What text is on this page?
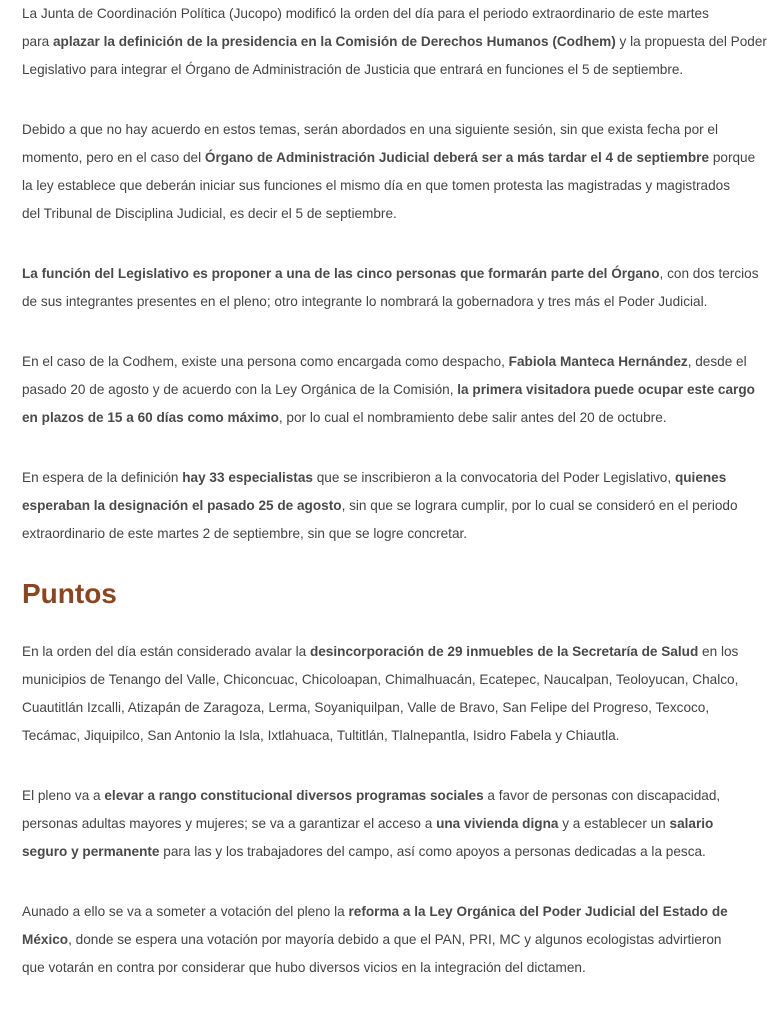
La Junta de Coordinación Política (Jucopo) modificó la orden del día para el periodo extraordinario de este martes
para aplazar la definición de la presidencia en la Comisión de Derechos Humanos (Codhem) y la propuesta del Poder
Legislativo para integrar el Órgano de Administración de Justicia que entrará en funciones el 5 de septiembre.

Debido a que no hay acuerdo en estos temas, serán abordados en una siguiente sesión, sin que exista fecha por el
momento, pero en el caso del Órgano de Administración Judicial deberá ser a más tardar el 4 de septiembre porque
la ley establece que deberán iniciar sus funciones el mismo día en que tomen protesta las magistradas y magistrados
del Tribunal de Disciplina Judicial, es decir el 5 de septiembre.

La función del Legislativo es proponer a una de las cinco personas que formarán parte del Órgano, con dos tercios
de sus integrantes presentes en el pleno; otro integrante lo nombrará la gobernadora y tres más el Poder Judicial.

En el caso de la Codhem, existe una persona como encargada como despacho, Fabiola Manteca Hernández, desde el
pasado 20 de agosto y de acuerdo con la Ley Orgánica de la Comisión, la primera visitadora puede ocupar este cargo
en plazos de 15 a 60 días como máximo, por lo cual el nombramiento debe salir antes del 20 de octubre.

En espera de la definición hay 33 especialistas que se inscribieron a la convocatoria del Poder Legislativo, quienes
esperaban la designación el pasado 25 de agosto, sin que se lograra cumplir, por lo cual se consideró en el periodo
extraordinario de este martes 2 de septiembre, sin que se logre concretar.

Puntos

En la orden del día están considerado avalar la desincorporación de 29 inmuebles de la Secretaría de Salud en los
municipios de Tenango del Valle, Chiconcuac, Chicoloapan, Chimalhuacán, Ecatepec, Naucalpan, Teoloyucan, Chalco,
Cuautitlán Izcalli, Atizapán de Zaragoza, Lerma, Soyaniquilpan, Valle de Bravo, San Felipe del Progreso, Texcoco,
Tecámac, Jiquipilco, San Antonio la Isla, Ixtlahuaca, Tultitlán, Tlalnepantla, Isidro Fabela y Chiautla.

El pleno va a elevar a rango constitucional diversos programas sociales a favor de personas con discapacidad,
personas adultas mayores y mujeres; se va a garantizar el acceso a una vivienda digna y a establecer un salario
seguro y permanente para las y los trabajadores del campo, así como apoyos a personas dedicadas a la pesca.

Aunado a ello se va a someter a votación del pleno la reforma a la Ley Orgánica del Poder Judicial del Estado de
México, donde se espera una votación por mayoría debido a que el PAN, PRI, MC y algunos ecologistas advirtieron
que votarán en contra por considerar que hubo diversos vicios en la integración del dictamen.
